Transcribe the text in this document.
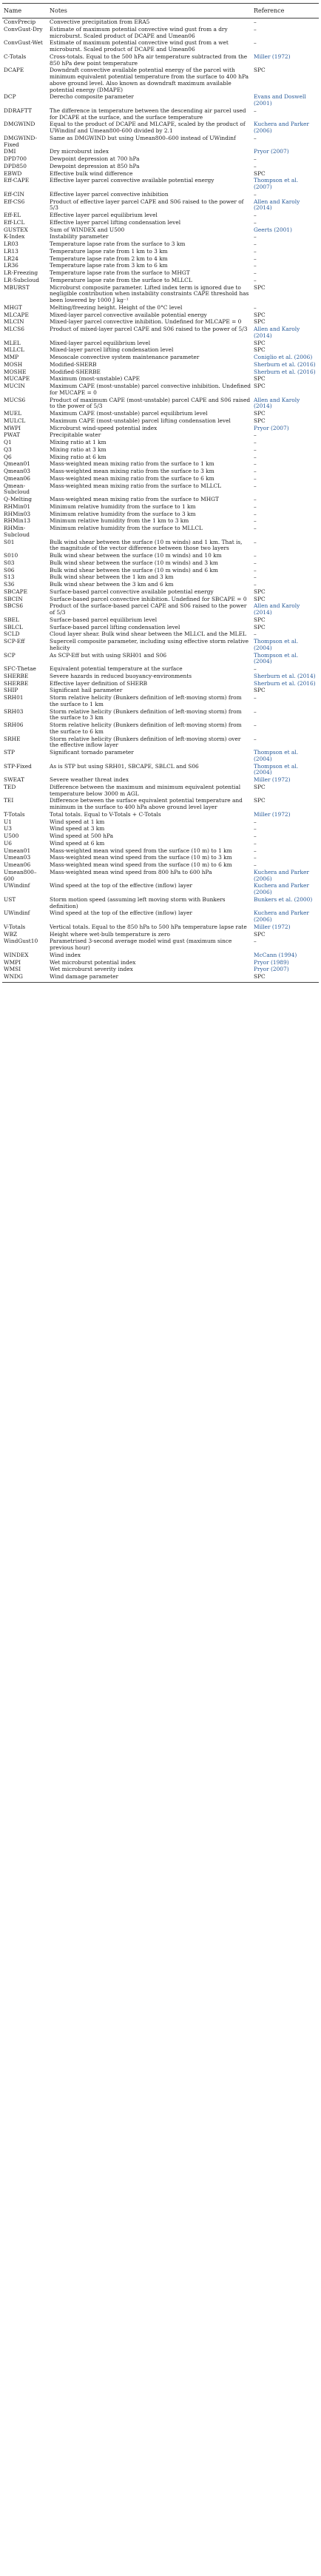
Name	Notes	Reference
ConvPrecip	Convective precipitation from ERA5	–
ConvGust-Dry	Estimate of maximum potential convective wind gust from a dry microburst. Scaled product of DCAPE and Umean06	–
ConvGust-Wet	Estimate of maximum potential convective wind gust from a wet microburst. Scaled product of DCAPE and Umean06	–
C-Totals	Cross-totals. Equal to the 500 hPa air temperature subtracted from the 850 hPa dew point temperature	Miller (1972)
DCAPE	Downdraft convective available potential energy of the parcel with minimum equivalent potential temperature from the surface to 400 hPa above ground level. Also known as downdraft maximum available potential energy (DMAPE)	SPC
DCP	Derecho composite parameter	Evans and Doswell (2001)
DDRAFTT	The difference in temperature between the descending air parcel used for DCAPE at the surface, and the surface temperature	–
DMGWIND	Equal to the product of DCAPE and MLCAPE, scaled by the product of UWindinf and Umean800-600 divided by 2.1	Kuchera and Parker (2006)
DMGWIND-Fixed	Same as DMGWIND but using Umean800–600 instead of UWindinf	–
DMI	Dry microburst index	Pryor (2007)
DPD700	Dewpoint depression at 700 hPa	–
DPD850	Dewpoint depression at 850 hPa	–
EBWD	Effective bulk wind difference	SPC
Eff-CAPE	Effective layer parcel convective available potential energy	Thompson et al. (2007)
Eff-CIN	Effective layer parcel convective inhibition	–
Eff-CS6	Product of effective layer parcel CAPE and S06 raised to the power of 5/3	Allen and Karoly (2014)
Eff-EL	Effective layer parcel equilibrium level	–
Eff-LCL	Effective layer parcel lifting condensation level	–
GUSTEX	Sum of WINDEX and U500	Geerts (2001)
K-Index	Instability parameter	–
LR03	Temperature lapse rate from the surface to 3 km	–
LR13	Temperature lapse rate from 1 km to 3 km	–
LR24	Temperature lapse rate from 2 km to 4 km	–
LR36	Temperature lapse rate from 3 km to 6 km	–
LR-Freezing	Temperature lapse rate from the surface to MHGT	–
LR-Subcloud	Temperature lapse rate from the surface to MLLCL	–
MBURST	Microburst composite parameter. Lifted index term is ignored due to negligible contribution when instability constraints CAPE threshold has been lowered by 1000 J kg⁻¹	SPC
MHGT	Melting/freezing height. Height of the 0°C level	–
MLCAPE	Mixed-layer parcel convective available potential energy	SPC
MLCIN	Mixed-layer parcel convective inhibition. Undefined for MLCAPE = 0	SPC
MLCS6	Product of mixed-layer parcel CAPE and S06 raised to the power of 5/3	Allen and Karoly (2014)
MLEL	Mixed-layer parcel equilibrium level	SPC
MLLCL	Mixed-layer parcel lifting condensation level	SPC
MMP	Mesoscale convective system maintenance parameter	Coniglio et al. (2006)
MOSH	Modified-SHERB	Sherburn et al. (2016)
MOSHE	Modified-SHERBE	Sherburn et al. (2016)
MUCAPE	Maximum (most-unstable) CAPE	SPC
MUCIN	Maximum CAPE (most-unstable) parcel convective inhibition. Undefined for MUCAPE = 0	SPC
MUCS6	Product of maximum CAPE (most-unstable) parcel CAPE and S06 raised to the power of 5/3	Allen and Karoly (2014)
MUEL	Maximum CAPE (most-unstable) parcel equilibrium level	SPC
MULCL	Maximum CAPE (most-unstable) parcel lifting condensation level	SPC
MWPI	Microburst wind-speed potential index	Pryor (2007)
PWAT	Precipitable water	–
Q1	Mixing ratio at 1 km	–
Q3	Mixing ratio at 3 km	–
Q6	Mixing ratio at 6 km	–
Qmean01	Mass-weighted mean mixing ratio from the surface to 1 km	–
Qmean03	Mass-weighted mean mixing ratio from the surface to 3 km	–
Qmean06	Mass-weighted mean mixing ratio from the surface to 6 km	–
Qmean-Subcloud	Mass-weighted mean mixing ratio from the surface to MLLCL	–
Q-Melting	Mass-weighted mean mixing ratio from the surface to MHGT	–
RHMin01	Minimum relative humidity from the surface to 1 km	–
RHMin03	Minimum relative humidity from the surface to 3 km	–
RHMin13	Minimum relative humidity from the 1 km to 3 km	–
RHMin-Subcloud	Minimum relative humidity from the surface to MLLCL	–
S01	Bulk wind shear between the surface (10 m winds) and 1 km. That is, the magnitude of the vector difference between those two layers	–
S010	Bulk wind shear between the surface (10 m winds) and 10 km	–
S03	Bulk wind shear between the surface (10 m winds) and 3 km	–
S06	Bulk wind shear between the surface (10 m winds) and 6 km	–
S13	Bulk wind shear between the 1 km and 3 km	–
S36	Bulk wind shear between the 3 km and 6 km	–
SBCAPE	Surface-based parcel convective available potential energy	SPC
SBCIN	Surface-based parcel convective inhibition. Undefined for SBCAPE = 0	SPC
SBCS6	Product of the surface-based parcel CAPE and S06 raised to the power of 5/3	Allen and Karoly (2014)
SBEL	Surface-based parcel equilibrium level	SPC
SBLCL	Surface-based parcel lifting condensation level	SPC
SCLD	Cloud layer shear. Bulk wind shear between the MLLCL and the MLEL	–
SCP-Eff	Supercell composite parameter, including using effective storm relative helicity	Thompson et al. (2004)
SCP	As SCP-Eff but with using SRH01 and S06	Thompson et al. (2004)
SFC-Thetae	Equivalent potential temperature at the surface	–
SHERBE	Severe hazards in reduced buoyancy-environments	Sherburn et al. (2014)
SHERBE	Effective layer definition of SHERB	Sherburn et al. (2016)
SHIP	Significant hail parameter	SPC
SRH01	Storm relative helicity (Bunkers definition of left-moving storm) from the surface to 1 km	–
SRH03	Storm relative helicity (Bunkers definition of left-moving storm) from the surface to 3 km	–
SRH06	Storm relative helicity (Bunkers definition of left-moving storm) from the surface to 6 km	–
SRHE	Storm relative helicity (Bunkers definition of left-moving storm) over the effective inflow layer	–
STP	Significant tornado parameter	Thompson et al. (2004)
STP-Fixed	As is STP but using SRH01, SBCAPE, SBLCL and S06	Thompson et al. (2004)
SWEAT	Severe weather threat index	Miller (1972)
TED	Difference between the maximum and minimum equivalent potential temperature below 3000 m AGL	SPC
TEI	Difference between the surface equivalent potential temperature and minimum in the surface to 400 hPa above ground level layer	SPC
T-Totals	Total totals. Equal to V-Totals + C-Totals	Miller (1972)
U1	Wind speed at 1 km	–
U3	Wind speed at 3 km	–
U500	Wind speed at 500 hPa	–
U6	Wind speed at 6 km	–
Umean01	Mass-weighted mean wind speed from the surface (10 m) to 1 km	–
Umean03	Mass-weighted mean wind speed from the surface (10 m) to 3 km	–
Umean06	Mass-weighted mean wind speed from the surface (10 m) to 6 km	–
Umean800–600	Mass-weighted mean wind speed from 800 hPa to 600 hPa	Kuchera and Parker (2006)
UWindinf	Wind speed at the top of the effective (inflow) layer	Kuchera and Parker (2006)
UST	Storm motion speed (assuming left moving storm with Bunkers definition)	Bunkers et al. (2000)
UWindinf	Wind speed at the top of the effective (inflow) layer	Kuchera and Parker (2006)
V-Totals	Vertical totals. Equal to the 850 hPa to 500 hPa temperature lapse rate	Miller (1972)
WBZ	Height where wet-bulb temperature is zero	SPC
WindGust10	Parametrised 3-second average model wind gust (maximum since previous hour)	–
WINDEX	Wind index	McCann (1994)
WMPI	Wet microburst potential index	Pryor (1989)
WMSI	Wet microburst severity index	Pryor (2007)
WNDG	Wind damage parameter	SPC
